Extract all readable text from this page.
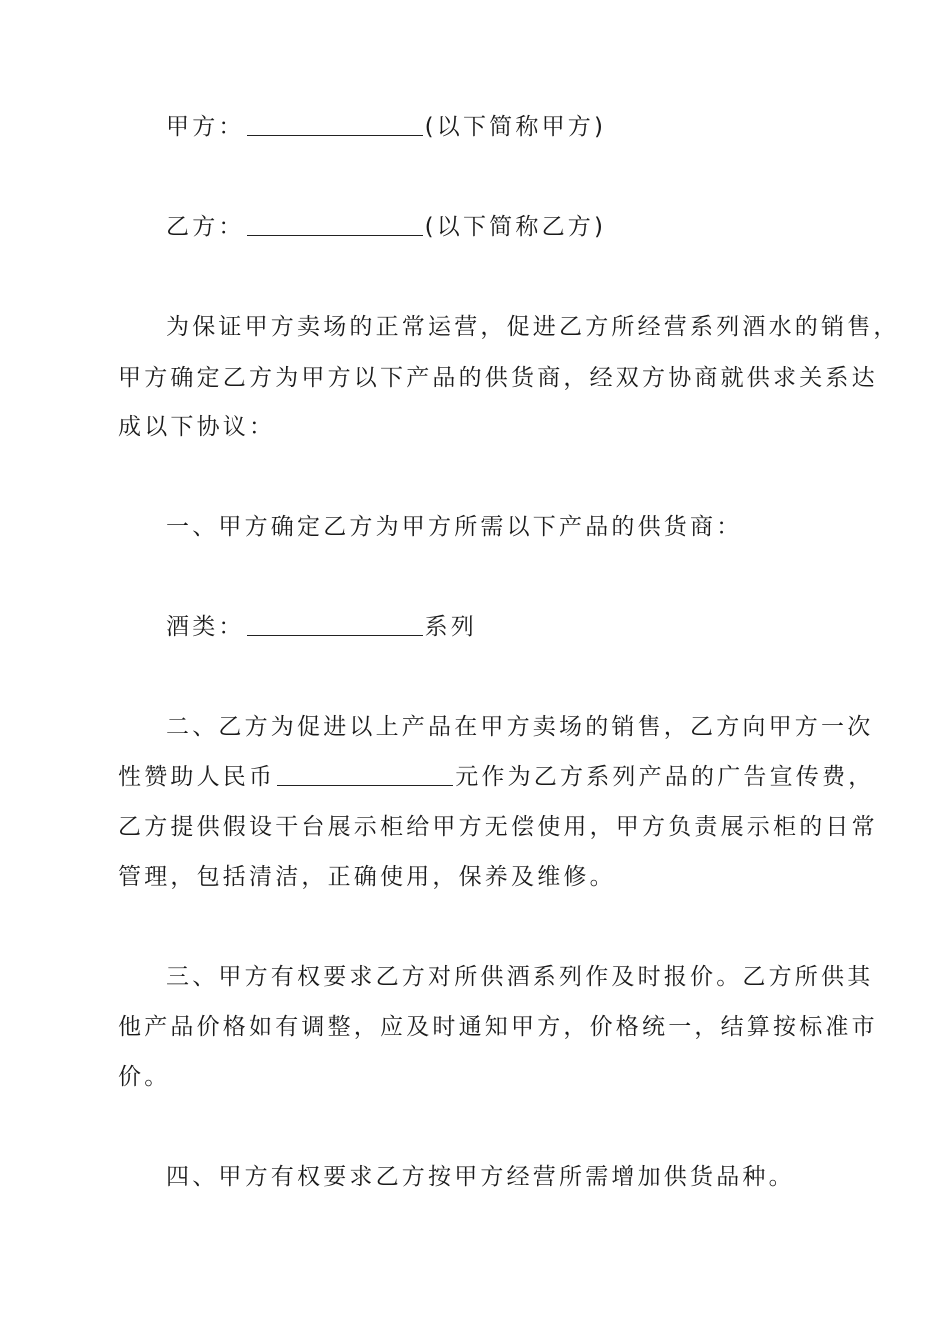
甲方：	(以下简称甲方)
乙方：	(以下简称乙方)
为保证甲方卖场的正常运营，促进乙方所经营系列酒水的销售，
甲方确定乙方为甲方以下产品的供货商，经双方协商就供求关系达
成以下协议：
一、甲方确定乙方为甲方所需以下产品的供货商：
酒类：	系列
二、乙方为促进以上产品在甲方卖场的销售，乙方向甲方一次
性赞助人民币	元作为乙方系列产品的广告宣传费，
乙方提供假设干台展示柜给甲方无偿使用，甲方负责展示柜的日常
管理，包括清洁，正确使用，保养及维修。
三、甲方有权要求乙方对所供酒系列作及时报价。乙方所供其
他产品价格如有调整，应及时通知甲方，价格统一，结算按标准市
价。
四、甲方有权要求乙方按甲方经营所需增加供货品种。
